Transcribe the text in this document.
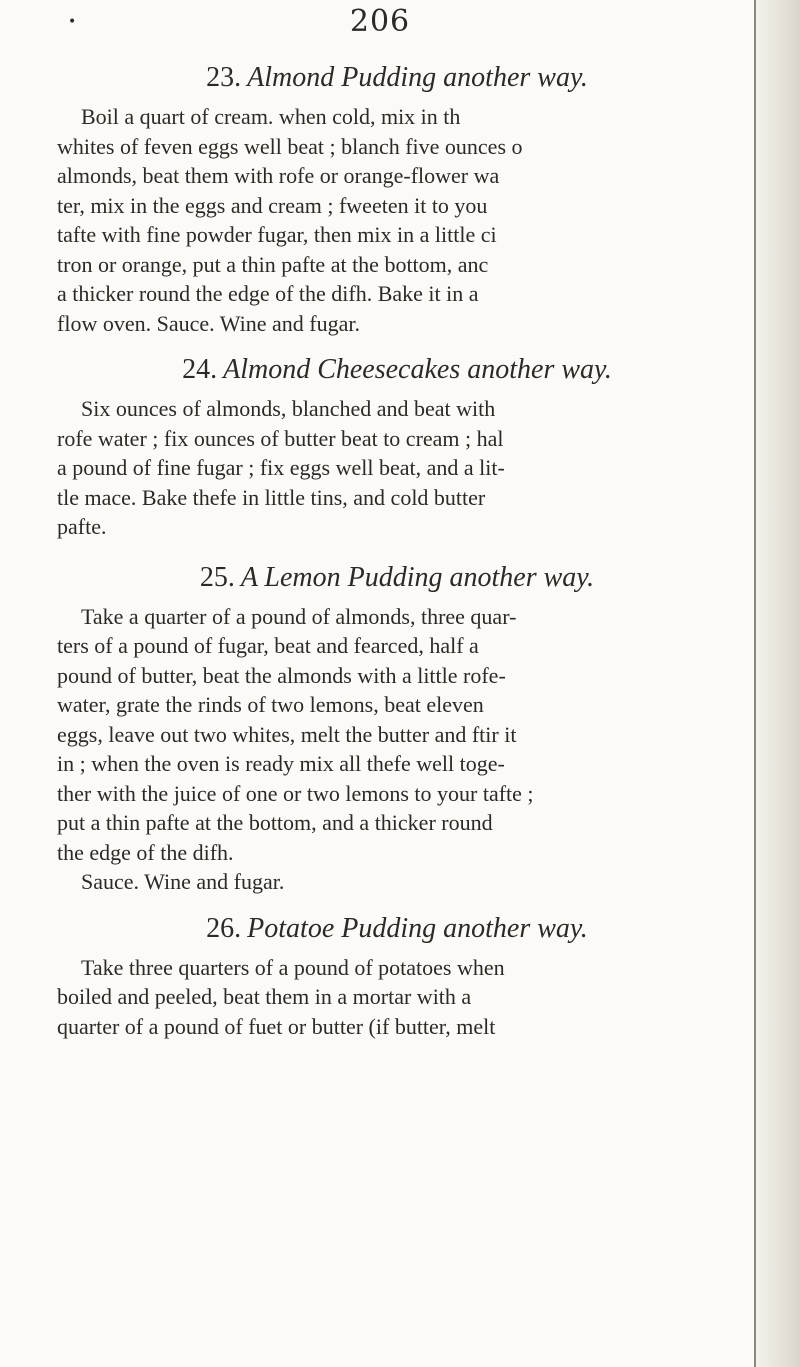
•	206
23. Almond Pudding another way.
Boil a quart of cream. when cold, mix in th
whites of feven eggs well beat ; blanch five ounces o
almonds, beat them with rofe or orange-flower wa
ter, mix in the eggs and cream ; fweeten it to you
tafte with fine powder fugar, then mix in a little ci
tron or orange, put a thin pafte at the bottom, anc
a thicker round the edge of the difh. Bake it in a
flow oven. Sauce. Wine and fugar.
24. Almond Cheesecakes another way.
Six ounces of almonds, blanched and beat with
rofe water ; fix ounces of butter beat to cream ; hal
a pound of fine fugar ; fix eggs well beat, and a lit-
tle mace. Bake thefe in little tins, and cold butter
pafte.
25. A Lemon Pudding another way.
Take a quarter of a pound of almonds, three quar-
ters of a pound of fugar, beat and fearced, half a
pound of butter, beat the almonds with a little rofe-
water, grate the rinds of two lemons, beat eleven
eggs, leave out two whites, melt the butter and ftir it
in ; when the oven is ready mix all thefe well toge-
ther with the juice of one or two lemons to your tafte ;
put a thin pafte at the bottom, and a thicker round
the edge of the difh.
Sauce. Wine and fugar.
26. Potatoe Pudding another way.
Take three quarters of a pound of potatoes when
boiled and peeled, beat them in a mortar with a
quarter of a pound of fuet or butter (if butter, melt
